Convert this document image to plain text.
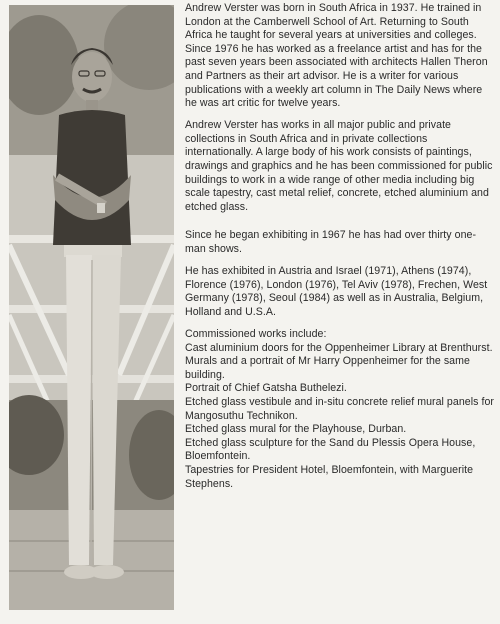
Andrew Verster was born in South Africa in 1937. He trained in London at the Camberwell School of Art. Returning to South Africa he taught for several years at universities and colleges. Since 1976 he has worked as a freelance artist and has for the past seven years been associated with architects Hallen Theron and Partners as their art advisor. He is a writer for various publications with a weekly art column in The Daily News where he was art critic for twelve years.

Andrew Verster has works in all major public and private collections in South Africa and in private collections internationally. A large body of his work consists of paintings, drawings and graphics and he has been commissioned for public buildings to work in a wide range of other media including big scale tapestry, cast metal relief, concrete, etched aluminium and etched glass.

Since he began exhibiting in 1967 he has had over thirty one-man shows.

He has exhibited in Austria and Israel (1971), Athens (1974), Florence (1976), London (1976), Tel Aviv (1978), Frechen, West Germany (1978), Seoul (1984) as well as in Australia, Belgium, Holland and U.S.A.

Commissioned works include:
Cast aluminium doors for the Oppenheimer Library at Brenthurst.
Murals and a portrait of Mr Harry Oppenheimer for the same building.
Portrait of Chief Gatsha Buthelezi.
Etched glass vestibule and in-situ concrete relief mural panels for Mangosuthu Technikon.
Etched glass mural for the Playhouse, Durban.
Etched glass sculpture for the Sand du Plessis Opera House, Bloemfontein.
Tapestries for President Hotel, Bloemfontein, with Marguerite Stephens.
